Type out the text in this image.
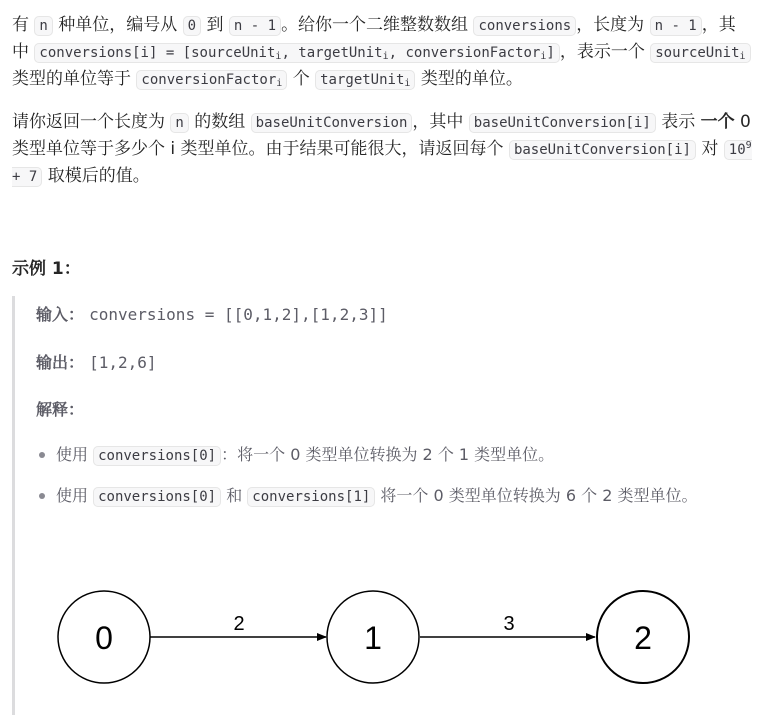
有 n 种单位，编号从 0 到 n - 1 。给你一个二维整数数组 conversions ，长度为 n - 1 ，其中 conversions[i] = [sourceUnit$_i$, targetUnit$_i$, conversionFactor$_i$] ，表示一个 sourceUnit$_i$ 类型的单位等于 conversionFactor$_i$ 个 targetUnit$_i$ 类型的单位。

请你返回一个长度为 n 的数组 baseUnitConversion ，其中 baseUnitConversion[i] 表示 一个 0 类型单位等于多少个 i 类型单位。由于结果可能很大，请返回每个 baseUnitConversion[i] 对 $10^9 + 7$ 取模后的值。

示例 1：

输入： conversions = [[0,1,2],[1,2,3]]
输出： [1,2,6]
解释：
使用 conversions[0] ：将一个 0 类型单位转换为 2 个 1 类型单位。
使用 conversions[0] 和 conversions[1] 将一个 0 类型单位转换为 6 个 2 类型单位。
2	3
0	1	2
